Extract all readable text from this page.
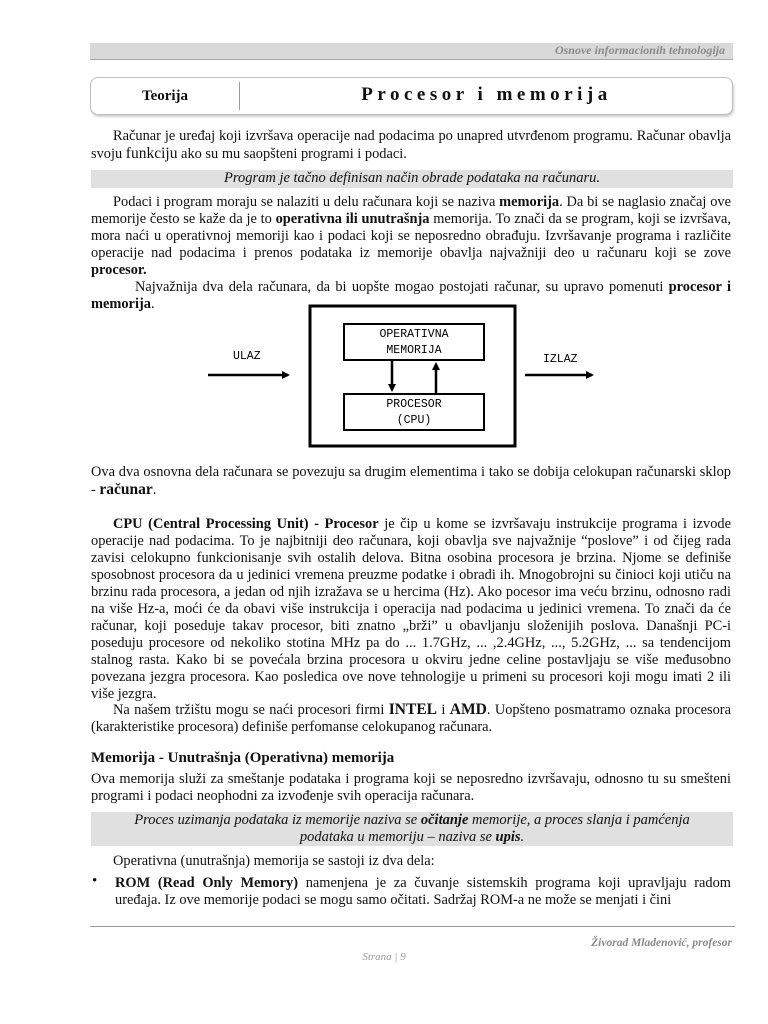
Osnove informacionih tehnologija
Teorija	Procesor i memorija

Računar je uređaj koji izvršava operacije nad podacima po unapred utvrđenom programu. Računar obavlja svoju funkciju ako su mu saopšteni programi i podaci.

Program je tačno definisan način obrade podataka na računaru.

Podaci i program moraju se nalaziti u delu računara koji se naziva memorija. Da bi se naglasio značaj ove memorije često se kaže da je to operativna ili unutrašnja memorija. To znači da se program, koji se izvršava, mora naći u operativnoj memoriji kao i podaci koji se neposredno obrađuju. Izvršavanje programa i različite operacije nad podacima i prenos podataka iz memorije obavlja najvažniji deo u računaru koji se zove procesor.

Najvažnija dva dela računara, da bi uopšte mogao postojati računar, su upravo pomenuti procesor i memorija.

OPERATIVNA
MEMORIJA
PROCESOR
(CPU)
ULAZ	IZLAZ

Ova dva osnovna dela računara se povezuju sa drugim elementima i tako se dobija celokupan računarski sklop - računar.

CPU (Central Processing Unit) - Procesor je čip u kome se izvršavaju instrukcije programa i izvode operacije nad podacima. To je najbitniji deo računara, koji obavlja sve najvažnije “poslove” i od čijeg rada zavisi celokupno funkcionisanje svih ostalih delova. Bitna osobina procesora je brzina. Njome se definiše sposobnost procesora da u jedinici vremena preuzme podatke i obradi ih. Mnogobrojni su činioci koji utiču na brzinu rada procesora, a jedan od njih izražava se u hercima (Hz). Ako pocesor ima veću brzinu, odnosno radi na više Hz-a, moći će da obavi više instrukcija i operacija nad podacima u jedinici vremena. To znači da će računar, koji poseduje takav procesor, biti znatno „brži” u obavljanju složenijih poslova. Današnji PC-i poseduju procesore od nekoliko stotina MHz pa do ... 1.7GHz, ... ,2.4GHz, ..., 5.2GHz, ... sa tendencijom stalnog rasta. Kako bi se povećala brzina procesora u okviru jedne celine postavljaju se više međusobno povezana jezgra procesora. Kao posledica ove nove tehnologije u primeni su procesori koji mogu imati 2 ili više jezgra.

Na našem tržištu mogu se naći procesori firmi INTEL i AMD. Uopšteno posmatramo oznaka procesora (karakteristike procesora) definiše perfomanse celokupanog računara.

Memorija - Unutrašnja (Operativna) memorija

Ova memorija služi za smeštanje podataka i programa koji se neposredno izvršavaju, odnosno tu su smešteni programi i podaci neophodni za izvođenje svih operacija računara.

Proces uzimanja podataka iz memorije naziva se očitanje memorije, a proces slanja i pamćenja podataka u memoriju – naziva se upis.

Operativna (unutrašnja) memorija se sastoji iz dva dela:

• ROM (Read Only Memory) namenjena je za čuvanje sistemskih programa koji upravljaju radom uređaja. Iz ove memorije podaci se mogu samo očitati. Sadržaj ROM-a ne može se menjati i čini

Živorad Mladenović, profesor
Strana | 9
